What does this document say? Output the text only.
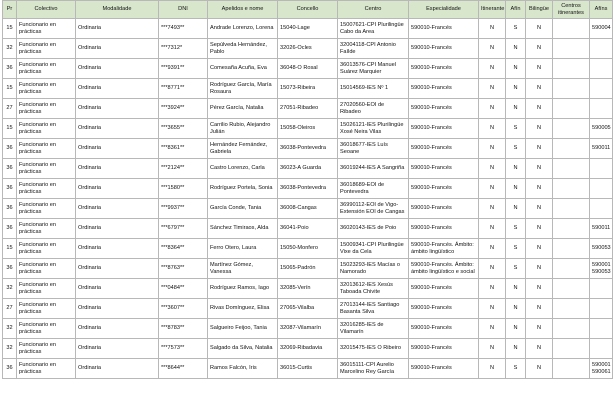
Pr	Colectivo	Modalidade	DNI	Apelidos e nome	Concello	Centro	Especialidade	Itinerante	Afín	Bilingüe	Centros itinerantes	Afíns
15	Funcionario en prácticas	Ordinaria	***7493**	Andrade Lorenzo, Lorena	15040-Lage	15007621-CPI Plurilingüe Cabo da Area	590010-Francés	N	S	N		590004
32	Funcionario en prácticas	Ordinaria	***7312*	Sepúlveda Hernández, Pablo	32026-Ocles	32004118-CPI Antonio Faílde	590010-Francés	N	N	N		
36	Funcionario en prácticas	Ordinaria	***9391**	Comesaña Acuña, Eva	36048-O Rosal	36013576-CPI Manuel Suárez Marquier	590010-Francés	N	N	N		
15	Funcionario en prácticas	Ordinaria	***8771**	Rodríguez García, María Rosaura	15073-Ribeira	15014569-IES Nº 1	590010-Francés	N	N	N		
27	Funcionario en prácticas	Ordinaria	***3924**	Pérez García, Natalia	27051-Ribadeo	27020560-EOI de Ribadeo	590010-Francés	N	N	N		
15	Funcionario en prácticas	Ordinaria	***3655**	Carrilio Rubio, Alejandro Julián	15058-Oleiros	15026121-IES Plurilingüe Xosé Neira Vilas	590010-Francés	N	S	N		590005
36	Funcionario en prácticas	Ordinaria	***8361**	Hernández Fernández, Gabriela	36038-Pontevedra	36018677-IES Luís Seoane	590010-Francés	N	S	N		590011
36	Funcionario en prácticas	Ordinaria	***2124**	Castro Lorenzo, Carla	36023-A Guarda	36019244-IES A Sangriña	590010-Francés	N	N	N		
36	Funcionario en prácticas	Ordinaria	***1580**	Rodríguez Portela, Sonia	36038-Pontevedra	36018689-EOI de Pontevedra	590010-Francés	N	N	N		
36	Funcionario en prácticas	Ordinaria	***9937**	García Conde, Tania	36008-Cangas	36990112-EOI de Vigo-Extensión EOI de Cangas	590010-Francés	N	N	N		
36	Funcionario en prácticas	Ordinaria	***6797**	Sánchez Timiraos, Alda	36041-Poio	36020143-IES de Poio	590010-Francés	N	S	N		590011
15	Funcionario en prácticas	Ordinaria	***8364**	Ferro Otero, Laura	15050-Monfero	15009341-CPI Plurilingüe Vixe da Cela	590010-Francés. Ámbito: ámbito lingüístico	N	S	N		590053
36	Funcionario en prácticas	Ordinaria	***8763**	Martínez Gómez, Vanessa	15065-Padrón	15023293-IES Macías o Namorado	590010-Francés. Ámbito: ámbito lingüístico e social	N	S	N		590001 590053
32	Funcionario en prácticas	Ordinaria	***0484**	Rodríguez Ramos, Iago	32085-Verín	32013612-IES Xesús Taboada Chivite	590010-Francés	N	N	N		
27	Funcionario en prácticas	Ordinaria	***3607**	Rivas Domínguez, Elisa	27065-Vilalba	27013144-IES Santiago Basanta Silva	590010-Francés	N	N	N		
32	Funcionario en prácticas	Ordinaria	***8783**	Salgueiro Feijoo, Tania	32087-Vilamarín	32016285-IES de Vilamarín	590010-Francés	N	N	N		
32	Funcionario en prácticas	Ordinaria	***7573**	Salgado da Silva, Natalia	32069-Ribadavia	32015475-IES O Ribeiro	590010-Francés	N	N	N		
36	Funcionario en prácticas	Ordinaria	***8644**	Ramos Falcón, Iris	36015-Curtis	36015111-CPI Aurelio Marcelino Rey García	590010-Francés	N	S	N		590001 590061
